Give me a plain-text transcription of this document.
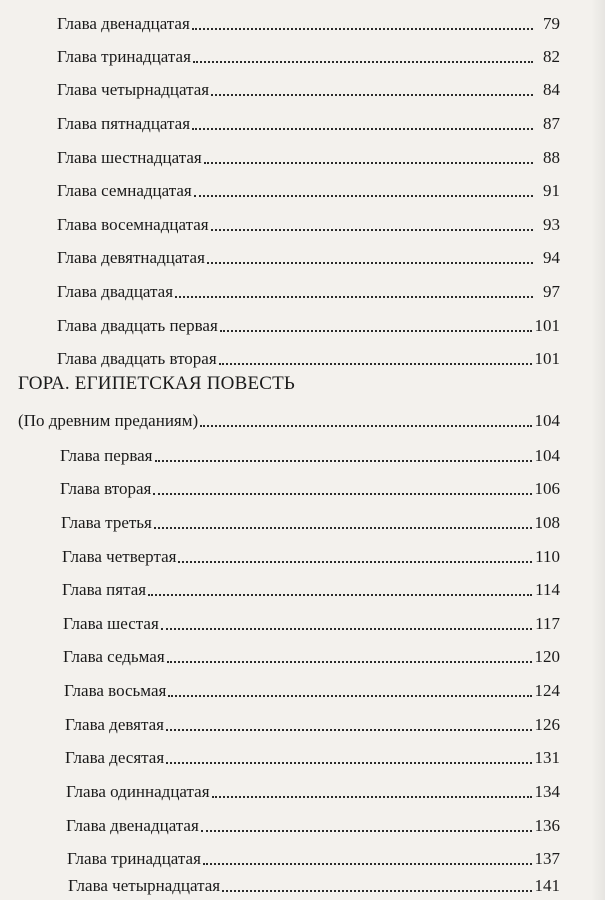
Глава двенадцатая	79
Глава тринадцатая	82
Глава четырнадцатая	84
Глава пятнадцатая	87
Глава шестнадцатая	88
Глава семнадцатая	91
Глава восемнадцатая	93
Глава девятнадцатая	94
Глава двадцатая	97
Глава двадцать первая	101
Глава двадцать вторая	101
ГОРА. ЕГИПЕТСКАЯ ПОВЕСТЬ
(По древним преданиям)	104
Глава первая	104
Глава вторая	106
Глава третья	108
Глава четвертая	110
Глава пятая	114
Глава шестая	117
Глава седьмая	120
Глава восьмая	124
Глава девятая	126
Глава десятая	131
Глава одиннадцатая	134
Глава двенадцатая	136
Глава тринадцатая	137
Глава четырнадцатая	141
